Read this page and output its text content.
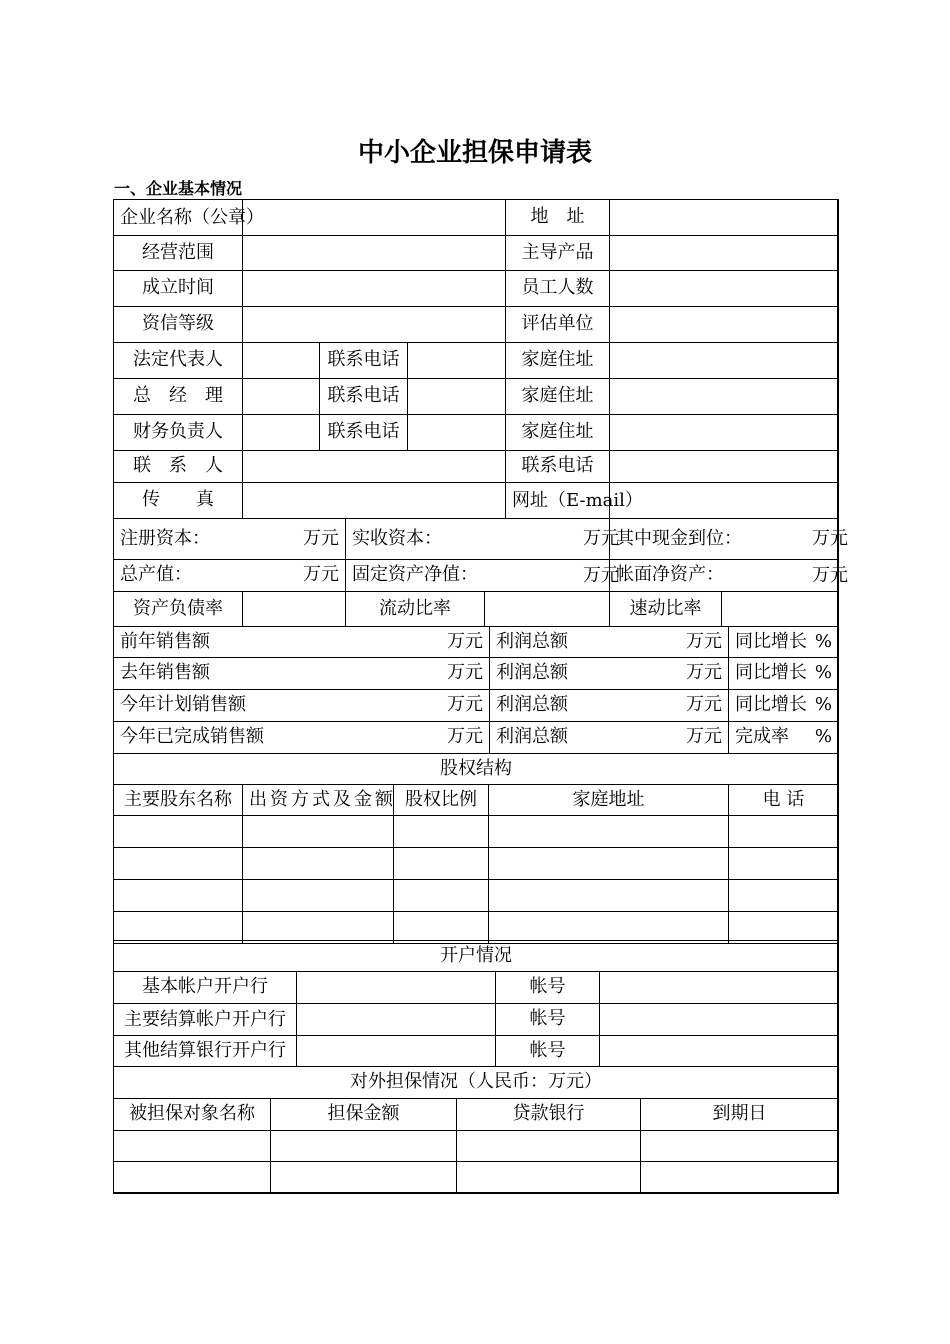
中小企业担保申请表
一、企业基本情况
企业名称（公章）				地　址	
经营范围				主导产品	
成立时间				员工人数	
资信等级				评估单位	
法定代表人		联系电话		家庭住址	
总　经　理		联系电话		家庭住址	
财务负责人		联系电话		家庭住址	
联　系　人				联系电话	
传　　真				网址（E-mail）	

注册资本： 万元	实收资本： 万元	其中现金到位： 万元

总产值： 万元	固定资产净值： 万元	帐面净资产： 万元
资产负债率		流动比率		速动比率	
前年销售额 万元	利润总额 万元	同比增长 %

去年销售额 万元	利润总额 万元	同比增长 %

今年计划销售额 万元	利润总额 万元	同比增长 %

今年已完成销售额 万元	利润总额 万元	完成率 %
股权结构				

主要股东名称	出资方式及金额	股权比例	家庭地址	电 话

开户情况			
基本帐户开户行		帐号	

主要结算帐户开户行		帐号	

其他结算银行开户行		帐号	
对外担保情况（人民币：万元）			
被担保对象名称	担保金额	贷款银行	到期日
